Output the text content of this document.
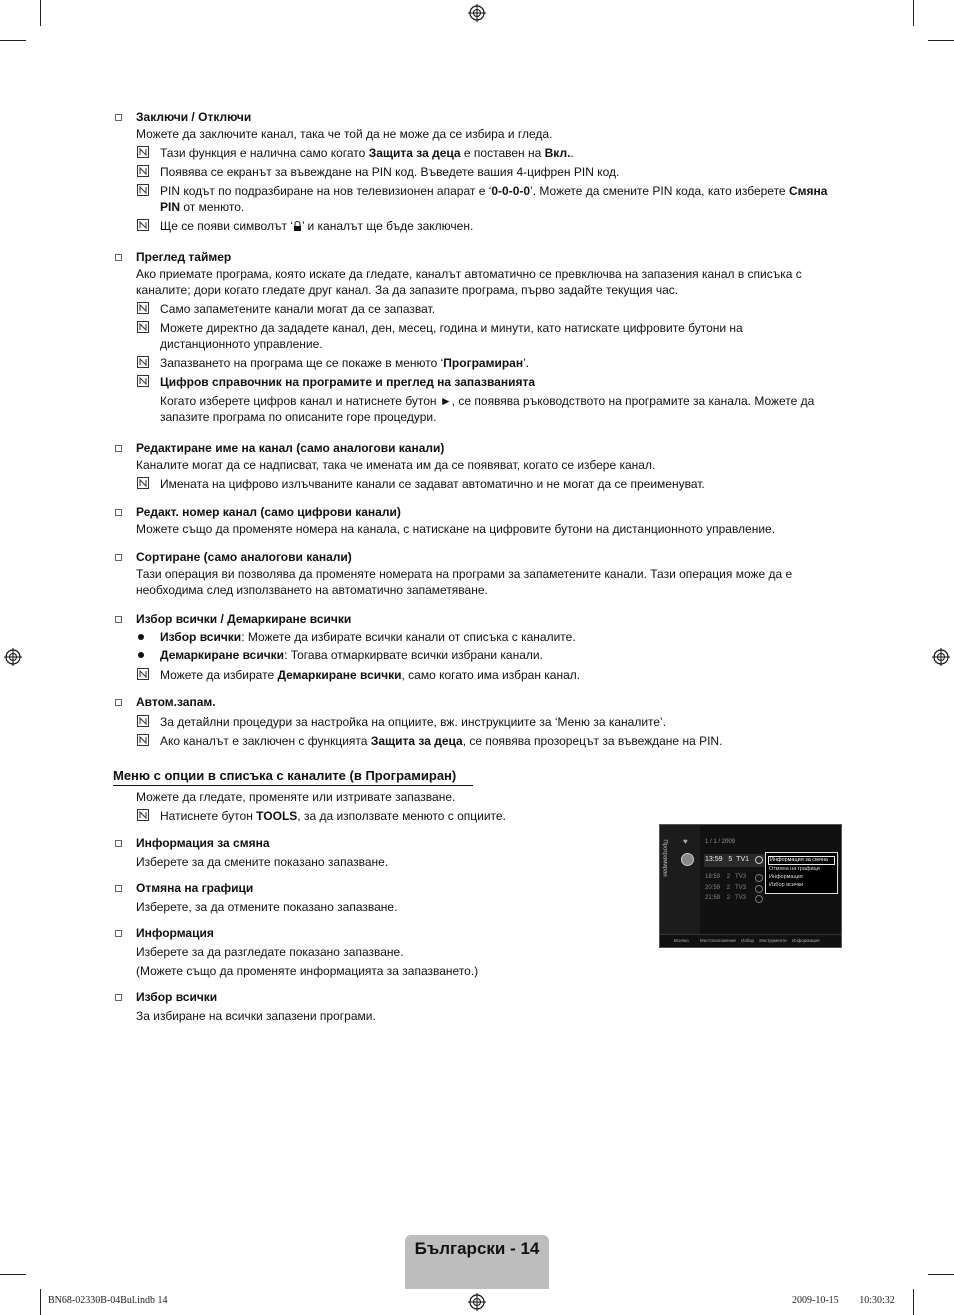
Заключи / Отключи
Можете да заключите канал, така че той да не може да се избира и гледа.
Тази функция е налична само когато Защита за деца е поставен на Вкл..
Появява се екранът за въвеждане на PIN код. Въведете вашия 4-цифрен PIN код.
PIN кодът по подразбиране на нов телевизионен апарат е ‘0-0-0-0’. Можете да смените PIN кода, като изберете Смяна PIN от менюто.
Ще се появи символът ‘ ’ и каналът ще бъде заключен.
Преглед таймер
Ако приемате програма, която искате да гледате, каналът автоматично се превключва на запазения канал в списъка с каналите; дори когато гледате друг канал. За да запазите програма, първо задайте текущия час.
Само запаметените канали могат да се запазват.
Можете директно да зададете канал, ден, месец, година и минути, като натискате цифровите бутони на дистанционното управление.
Запазването на програма ще се покаже в менюто ‘Програмиран’.
Цифров справочник на програмите и преглед на запазванията
Когато изберете цифров канал и натиснете бутон ►, се появява ръководството на програмите за канала. Можете да запазите програма по описаните горе процедури.
Редактиране име на канал (само аналогови канали)
Каналите могат да се надписват, така че имената им да се появяват, когато се избере канал.
Имената на цифрово излъчваните канали се задават автоматично и не могат да се преименуват.
Редакт. номер канал (само цифрови канали)
Можете също да променяте номера на канала, с натискане на цифровите бутони на дистанционното управление.
Сортиране (само аналогови канали)
Тази операция ви позволява да променяте номерата на програми за запаметените канали. Тази операция може да е необходима след използването на автоматично запаметяване.
Избор всички / Демаркиране всички
Избор всички: Можете да избирате всички канали от списъка с каналите.
Демаркиране всички: Тогава отмаркирвате всички избрани канали.
Можете да избирате Демаркиране всички, само когато има избран канал.
Автом.запам.
За детайлни процедури за настройка на опциите, вж. инструкциите за ‘Меню за каналите’.
Ако каналът е заключен с функцията Защита за деца, се появява прозорецът за въвеждане на PIN.
Меню с опции в списъка с каналите (в Програмиран)
Можете да гледате, променяте или изтривате запазване.
Натиснете бутон TOOLS, за да използвате менюто с опциите.
Информация за смяна
Изберете за да смените показано запазване.
Отмяна на графици
Изберете, за да отмените показано запазване.
Информация
Изберете за да разгледате показано запазване.
(Можете също да променяте информацията за запазването.)
Избор всички
За избиране на всички запазени програми.
Програмиран ♥	1 / 1 / 2009
13:59 5 TV1
18:59 2 TV3
20:59 2 TV3
21:59 2 TV3
Информация за смяна
Отмяна на графици
Информация
Избор всички
Всичко	Местоположение Избор Инструменти Информация
Български - 14
BN68-02330B-04Bul.indb 14	2009-10-15 ￿￿ 10:30:32
